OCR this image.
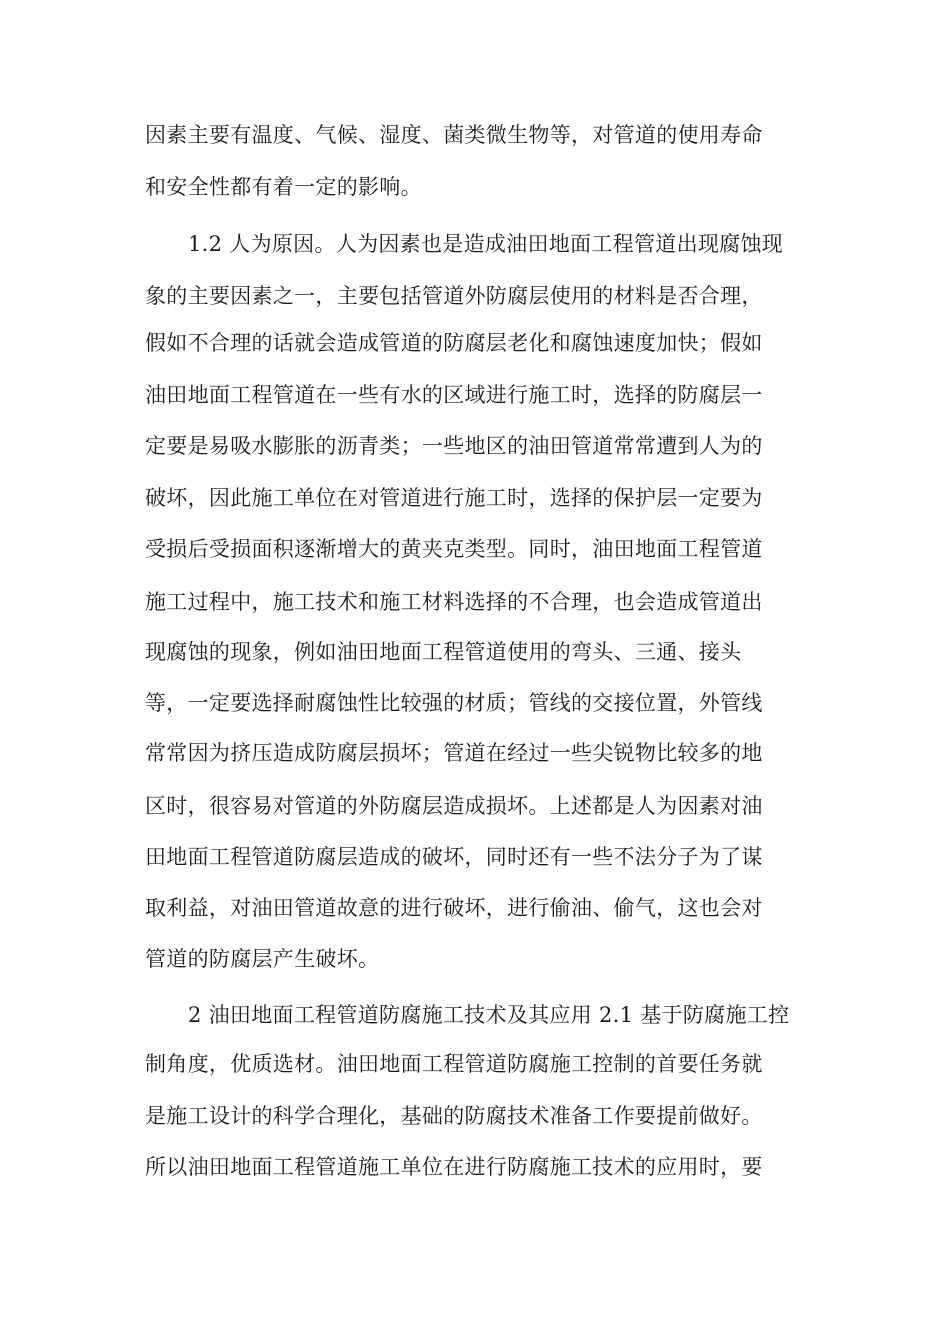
因素主要有温度、气候、湿度、菌类微生物等，对管道的使用寿命
和安全性都有着一定的影响。
1.2 人为原因。人为因素也是造成油田地面工程管道出现腐蚀现
象的主要因素之一，主要包括管道外防腐层使用的材料是否合理，
假如不合理的话就会造成管道的防腐层老化和腐蚀速度加快；假如
油田地面工程管道在一些有水的区域进行施工时，选择的防腐层一
定要是易吸水膨胀的沥青类；一些地区的油田管道常常遭到人为的
破坏，因此施工单位在对管道进行施工时，选择的保护层一定要为
受损后受损面积逐渐增大的黄夹克类型。同时，油田地面工程管道
施工过程中，施工技术和施工材料选择的不合理，也会造成管道出
现腐蚀的现象，例如油田地面工程管道使用的弯头、三通、接头
等，一定要选择耐腐蚀性比较强的材质；管线的交接位置，外管线
常常因为挤压造成防腐层损坏；管道在经过一些尖锐物比较多的地
区时，很容易对管道的外防腐层造成损坏。上述都是人为因素对油
田地面工程管道防腐层造成的破坏，同时还有一些不法分子为了谋
取利益，对油田管道故意的进行破坏，进行偷油、偷气，这也会对
管道的防腐层产生破坏。
2 油田地面工程管道防腐施工技术及其应用 2.1 基于防腐施工控
制角度，优质选材。油田地面工程管道防腐施工控制的首要任务就
是施工设计的科学合理化，基础的防腐技术准备工作要提前做好。
所以油田地面工程管道施工单位在进行防腐施工技术的应用时，要
